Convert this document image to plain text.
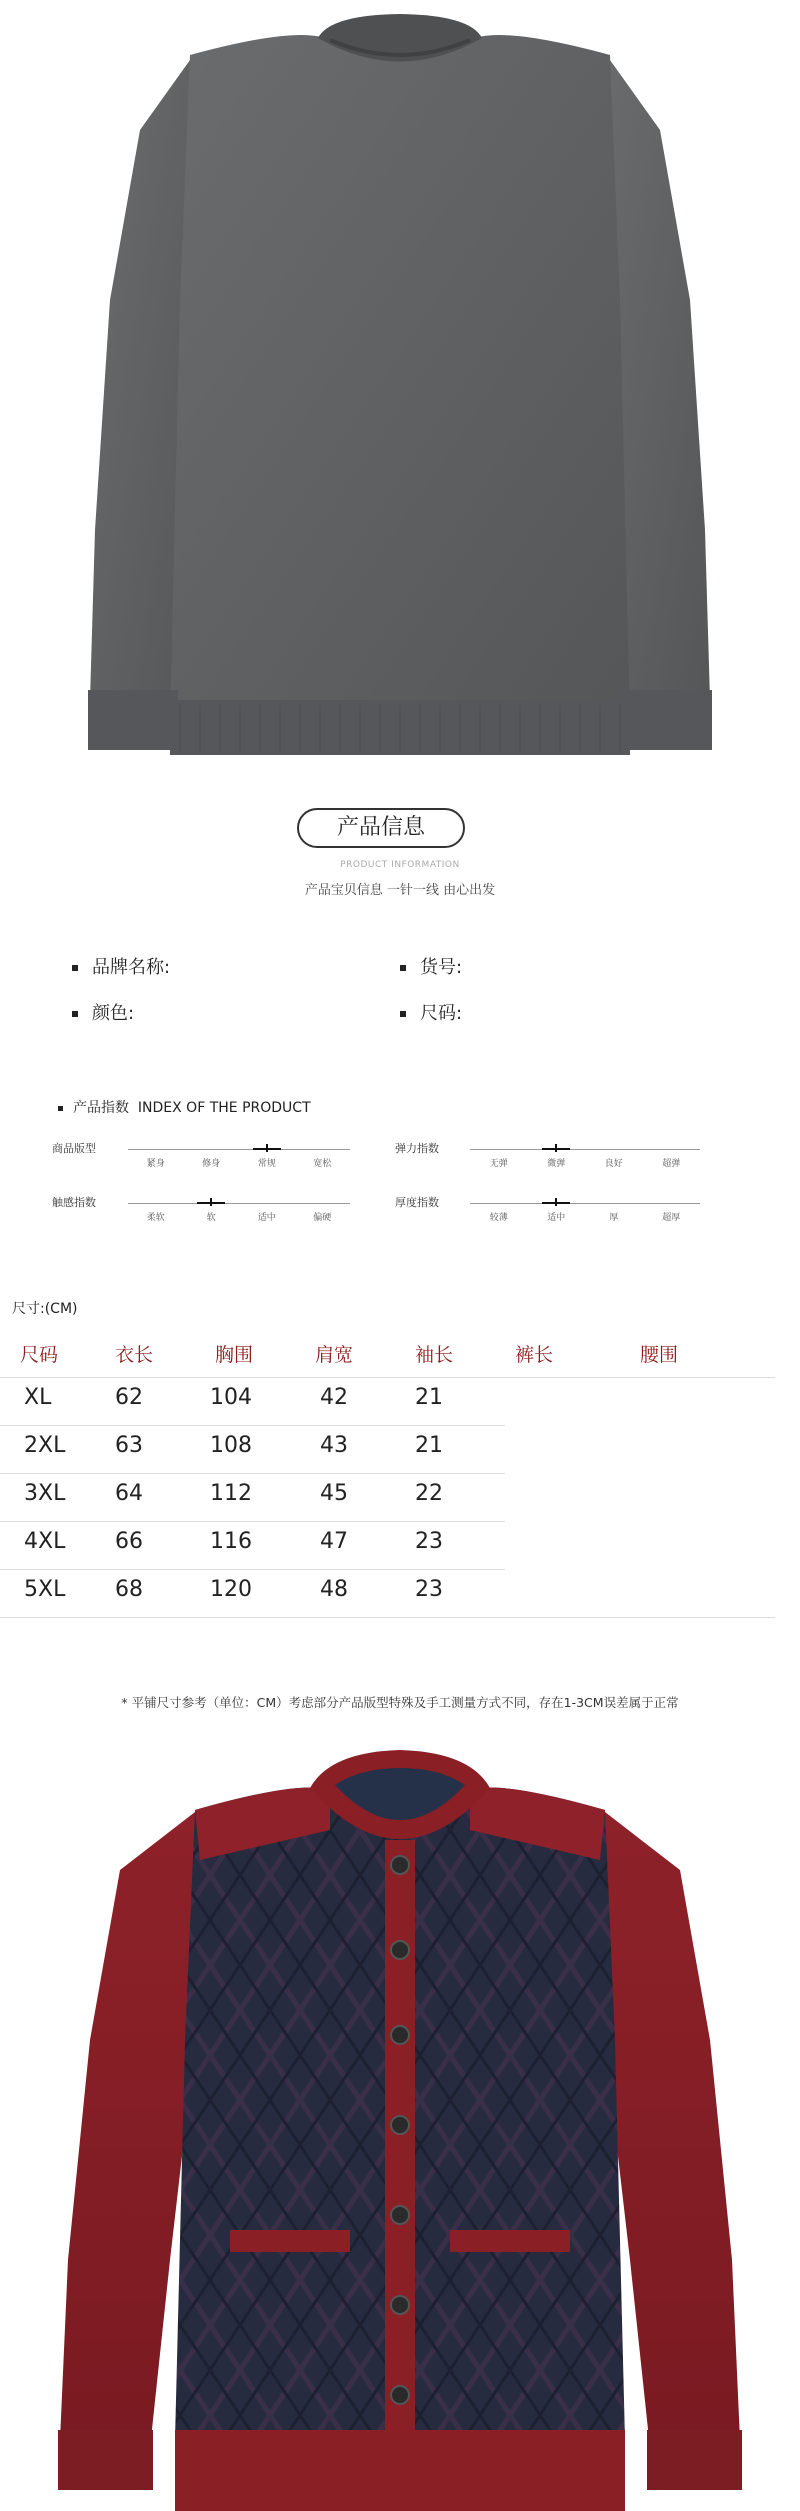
产品信息
PRODUCT INFORMATION
产品宝贝信息 一针一线 由心出发
品牌名称:	货号:
颜色:	尺码:
产品指数 INDEX OF THE PRODUCT
商品版型
紧身	修身	常规	宽松
弹力指数
无弹	微弹	良好	超弹
触感指数
柔软	软	适中	偏硬
厚度指数
较薄	适中	厚	超厚
尺寸:(CM)
尺码	衣长	胸围	肩宽	袖长	裤长	腰围
XL	62	104	42	21
2XL 63	108	43	21
3XL 64	112	45	22
4XL 66	116	47	23
5XL 68	120	48	23
* 平铺尺寸参考（单位：CM）考虑部分产品版型特殊及手工测量方式不同，存在1-3CM误差属于正常
